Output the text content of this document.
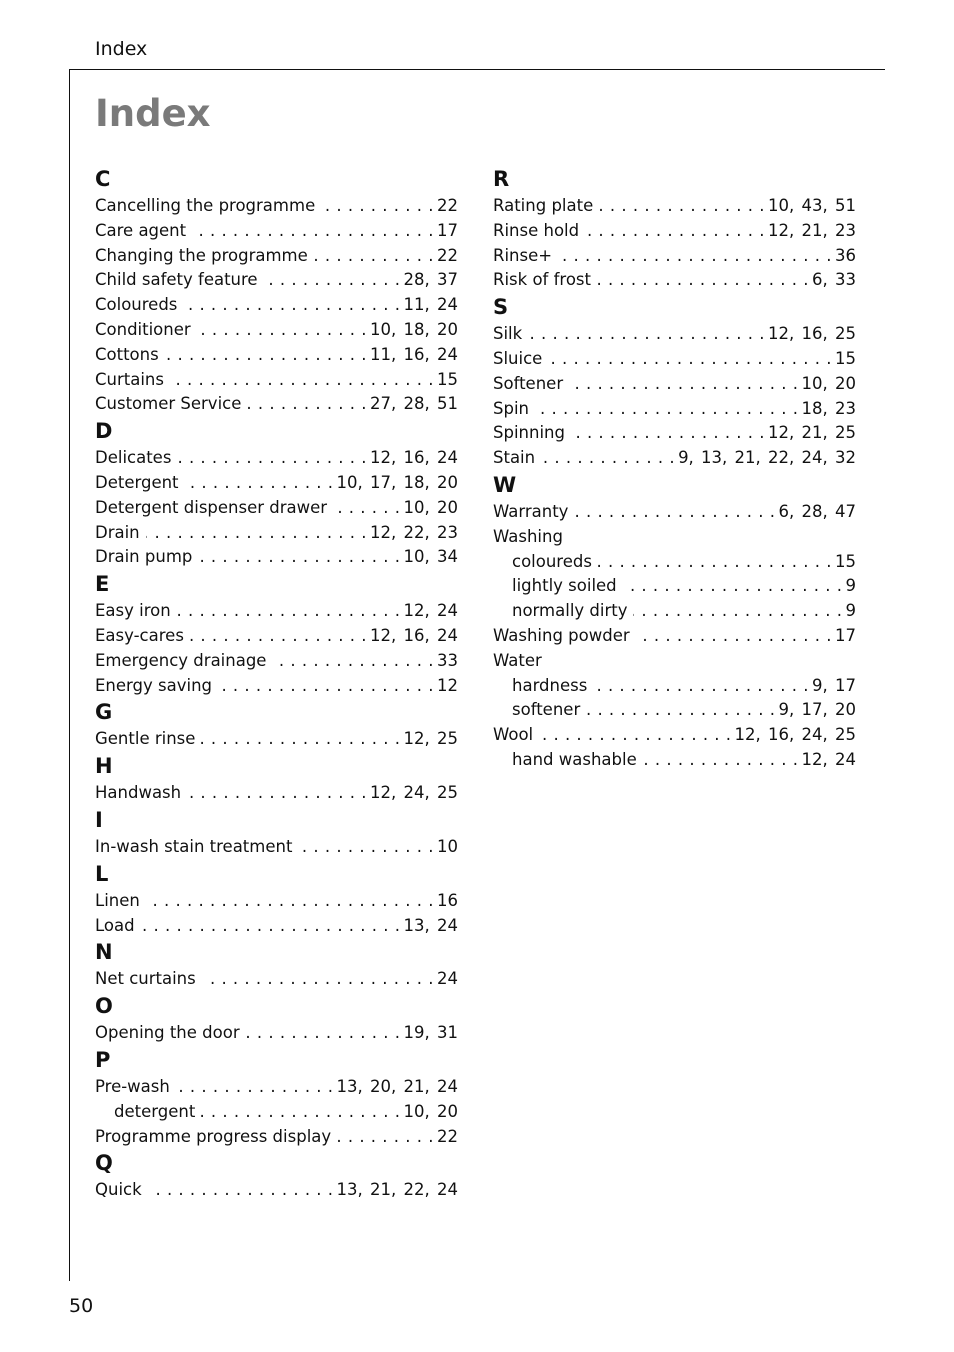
Index
Index
C
Cancelling the programme . . .	22
Care agent . . .	17
Changing the programme . . .	22
Child safety feature . . .	28, 37
Coloureds . . .	11, 24
Conditioner . . .	10, 18, 20
Cottons . . .	11, 16, 24
Curtains . . .	15
Customer Service . . .	27, 28, 51
D
Delicates . . .	12, 16, 24
Detergent . . .	10, 17, 18, 20
Detergent dispenser drawer . . .	10, 20
Drain . . .	12, 22, 23
Drain pump . . .	10, 34
E
Easy iron . . .	12, 24
Easy-cares . . .	12, 16, 24
Emergency drainage . . .	33
Energy saving . . .	12
G
Gentle rinse . . .	12, 25
H
Handwash . . .	12, 24, 25
I
In-wash stain treatment . . .	10
L
Linen . . .	16
Load . . .	13, 24
N
Net curtains . . .	24
O
Opening the door . . .	19, 31
P
Pre-wash . . .	13, 20, 21, 24
detergent . . .	10, 20
Programme progress display . . .	22
Q
Quick . . .	13, 21, 22, 24
R
Rating plate . . .	10, 43, 51
Rinse hold . . .	12, 21, 23
Rinse+ . . .	36
Risk of frost . . .	6, 33
S
Silk . . .	12, 16, 25
Sluice . . .	15
Softener . . .	10, 20
Spin . . .	18, 23
Spinning . . .	12, 21, 25
Stain . . .	9, 13, 21, 22, 24, 32
W
Warranty . . .	6, 28, 47
Washing
coloureds . . .	15
lightly soiled . . .	9
normally dirty . . .	9
Washing powder . . .	17
Water
hardness . . .	9, 17
softener . . .	9, 17, 20
Wool . . .	12, 16, 24, 25
hand washable . . .	12, 24
50
